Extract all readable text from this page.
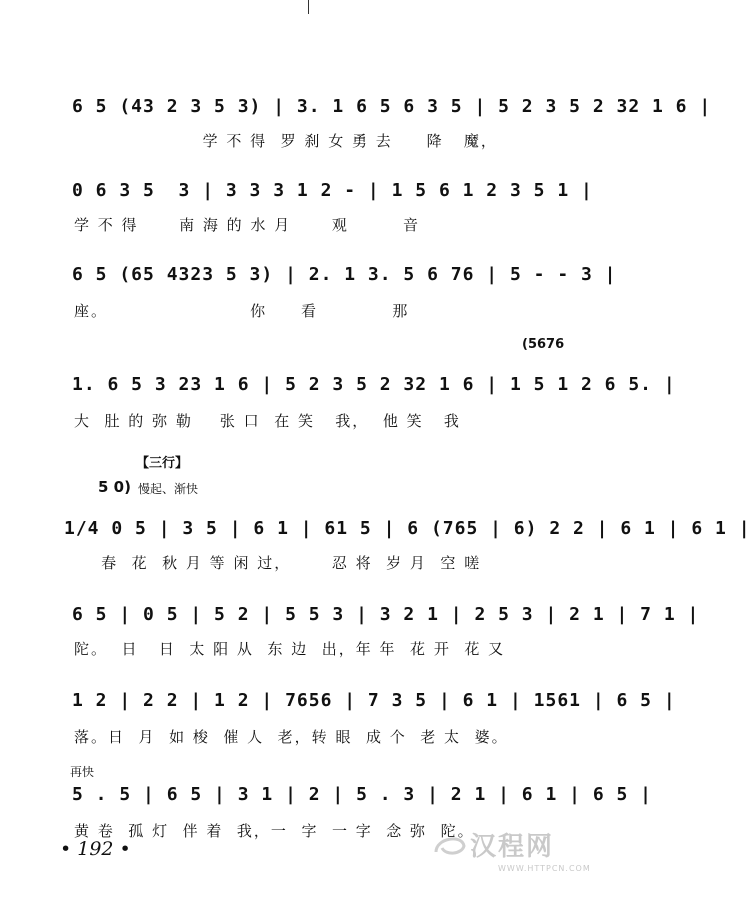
6 5 (43 2 3 5 3) | 3. 1 6 5 6 3 5 | 5 2 3 5 2 32 1 6 |
学 不 得  罗 刹 女 勇 去     降   魔，
0 6 3 5  3 | 3 3 3 1 2 - | 1 5 6 1 2 3 5 1 |
学 不 得      南 海 的 水 月      观        音
6 5 (65 4323 5 3) | 2. 1 3. 5 6 76 | 5 - - 3 |
座。                     你     看           那
(5676
1. 6 5 3 23 1 6 | 5 2 3 5 2 32 1 6 | 1 5 1 2 6 5. |
大  肚 的 弥 勒    张 口  在 笑   我，  他 笑   我
【三行】
5 0) 慢起、渐快
1/4 0 5 | 3 5 | 6 1 | 61 5 | 6 (765 | 6) 2 2 | 6 1 | 6 1 |
春  花  秋 月 等 闲 过，      忍 将  岁 月  空 嗟
6 5 | 0 5 | 5 2 | 5 5 3 | 3 2 1 | 2 5 3 | 2 1 | 7 1 |
陀。  日   日  太 阳 从  东 边  出，年 年  花 开  花 又
1 2 | 2 2 | 1 2 | 7656 | 7 3 5 | 6 1 | 1561 | 6 5 |
落。日  月  如 梭  催 人  老，转 眼  成 个  老 太  婆。
再快
5 . 5 | 6 5 | 3 1 | 2 | 5 . 3 | 2 1 | 6 1 | 6 5 |
黄 卷  孤 灯  伴 着  我，一  字  一 字  念 弥  陀。
• 192 •	汉程网
WWW.HTTPCN.COM
